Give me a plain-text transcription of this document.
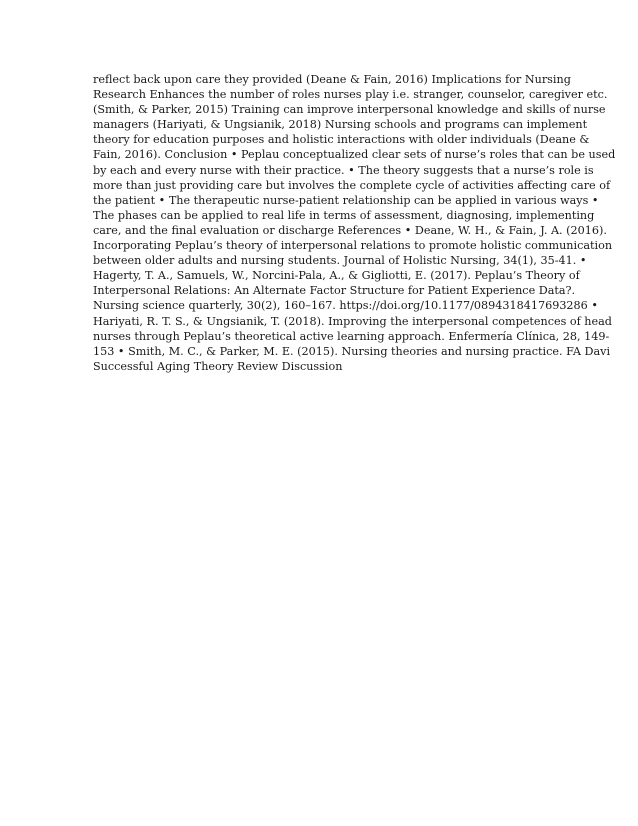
reflect back upon care they provided (Deane & Fain, 2016) Implications for Nursing
Research Enhances the number of roles nurses play i.e. stranger, counselor, caregiver etc.
(Smith, & Parker, 2015) Training can improve interpersonal knowledge and skills of nurse
managers (Hariyati, & Ungsianik, 2018) Nursing schools and programs can implement
theory for education purposes and holistic interactions with older individuals (Deane &
Fain, 2016). Conclusion • Peplau conceptualized clear sets of nurse’s roles that can be used
by each and every nurse with their practice. • The theory suggests that a nurse’s role is
more than just providing care but involves the complete cycle of activities affecting care of
the patient • The therapeutic nurse-patient relationship can be applied in various ways •
The phases can be applied to real life in terms of assessment, diagnosing, implementing
care, and the final evaluation or discharge References • Deane, W. H., & Fain, J. A. (2016).
Incorporating Peplau’s theory of interpersonal relations to promote holistic communication
between older adults and nursing students. Journal of Holistic Nursing, 34(1), 35-41. •
Hagerty, T. A., Samuels, W., Norcini-Pala, A., & Gigliotti, E. (2017). Peplau’s Theory of
Interpersonal Relations: An Alternate Factor Structure for Patient Experience Data?.
Nursing science quarterly, 30(2), 160–167. https://doi.org/10.1177/0894318417693286 •
Hariyati, R. T. S., & Ungsianik, T. (2018). Improving the interpersonal competences of head
nurses through Peplau’s theoretical active learning approach. Enfermería Clínica, 28, 149-
153 • Smith, M. C., & Parker, M. E. (2015). Nursing theories and nursing practice. FA Davi
Successful Aging Theory Review Discussion
